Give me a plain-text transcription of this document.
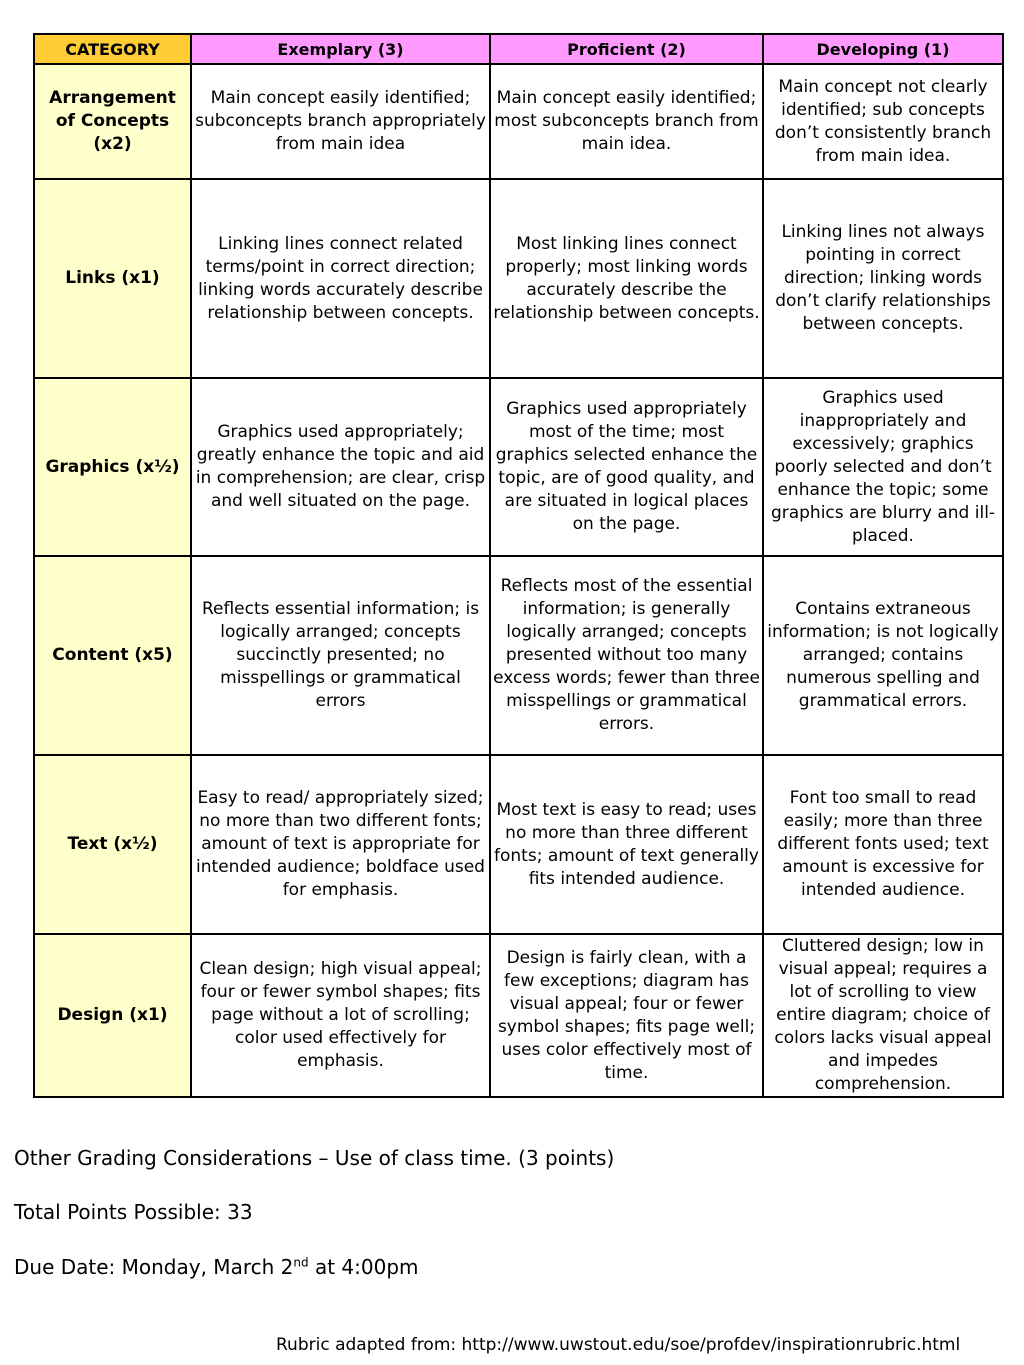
CATEGORY	Exemplary (3)	Proficient (2)	Developing (1)
Arrangement of Concepts (x2)	Main concept easily identified; subconcepts branch appropriately from main idea	Main concept easily identified; most subconcepts branch from main idea.	Main concept not clearly identified; sub concepts don’t consistently branch from main idea.
Links (x1)	Linking lines connect related terms/point in correct direction; linking words accurately describe relationship between concepts.	Most linking lines connect properly; most linking words accurately describe the relationship between concepts.	Linking lines not always pointing in correct direction; linking words don’t clarify relationships between concepts.
Graphics (x½)	Graphics used appropriately; greatly enhance the topic and aid in comprehension; are clear, crisp and well situated on the page.	Graphics used appropriately most of the time; most graphics selected enhance the topic, are of good quality, and are situated in logical places on the page.	Graphics used inappropriately and excessively; graphics poorly selected and don’t enhance the topic; some graphics are blurry and ill-placed.
Content (x5)	Reflects essential information; is logically arranged; concepts succinctly presented; no misspellings or grammatical errors	Reflects most of the essential information; is generally logically arranged; concepts presented without too many excess words; fewer than three misspellings or grammatical errors.	Contains extraneous information; is not logically arranged; contains numerous spelling and grammatical errors.
Text (x½)	Easy to read/ appropriately sized; no more than two different fonts; amount of text is appropriate for intended audience; boldface used for emphasis.	Most text is easy to read; uses no more than three different fonts; amount of text generally fits intended audience.	Font too small to read easily; more than three different fonts used; text amount is excessive for intended audience.
Design (x1)	Clean design; high visual appeal; four or fewer symbol shapes; fits page without a lot of scrolling; color used effectively for emphasis.	Design is fairly clean, with a few exceptions; diagram has visual appeal; four or fewer symbol shapes; fits page well; uses color effectively most of time.	Cluttered design; low in visual appeal; requires a lot of scrolling to view entire diagram; choice of colors lacks visual appeal and impedes comprehension.
Other Grading Considerations – Use of class time. (3 points)
Total Points Possible: 33
Due Date: Monday, March 2nd at 4:00pm
Rubric adapted from: http://www.uwstout.edu/soe/profdev/inspirationrubric.html
